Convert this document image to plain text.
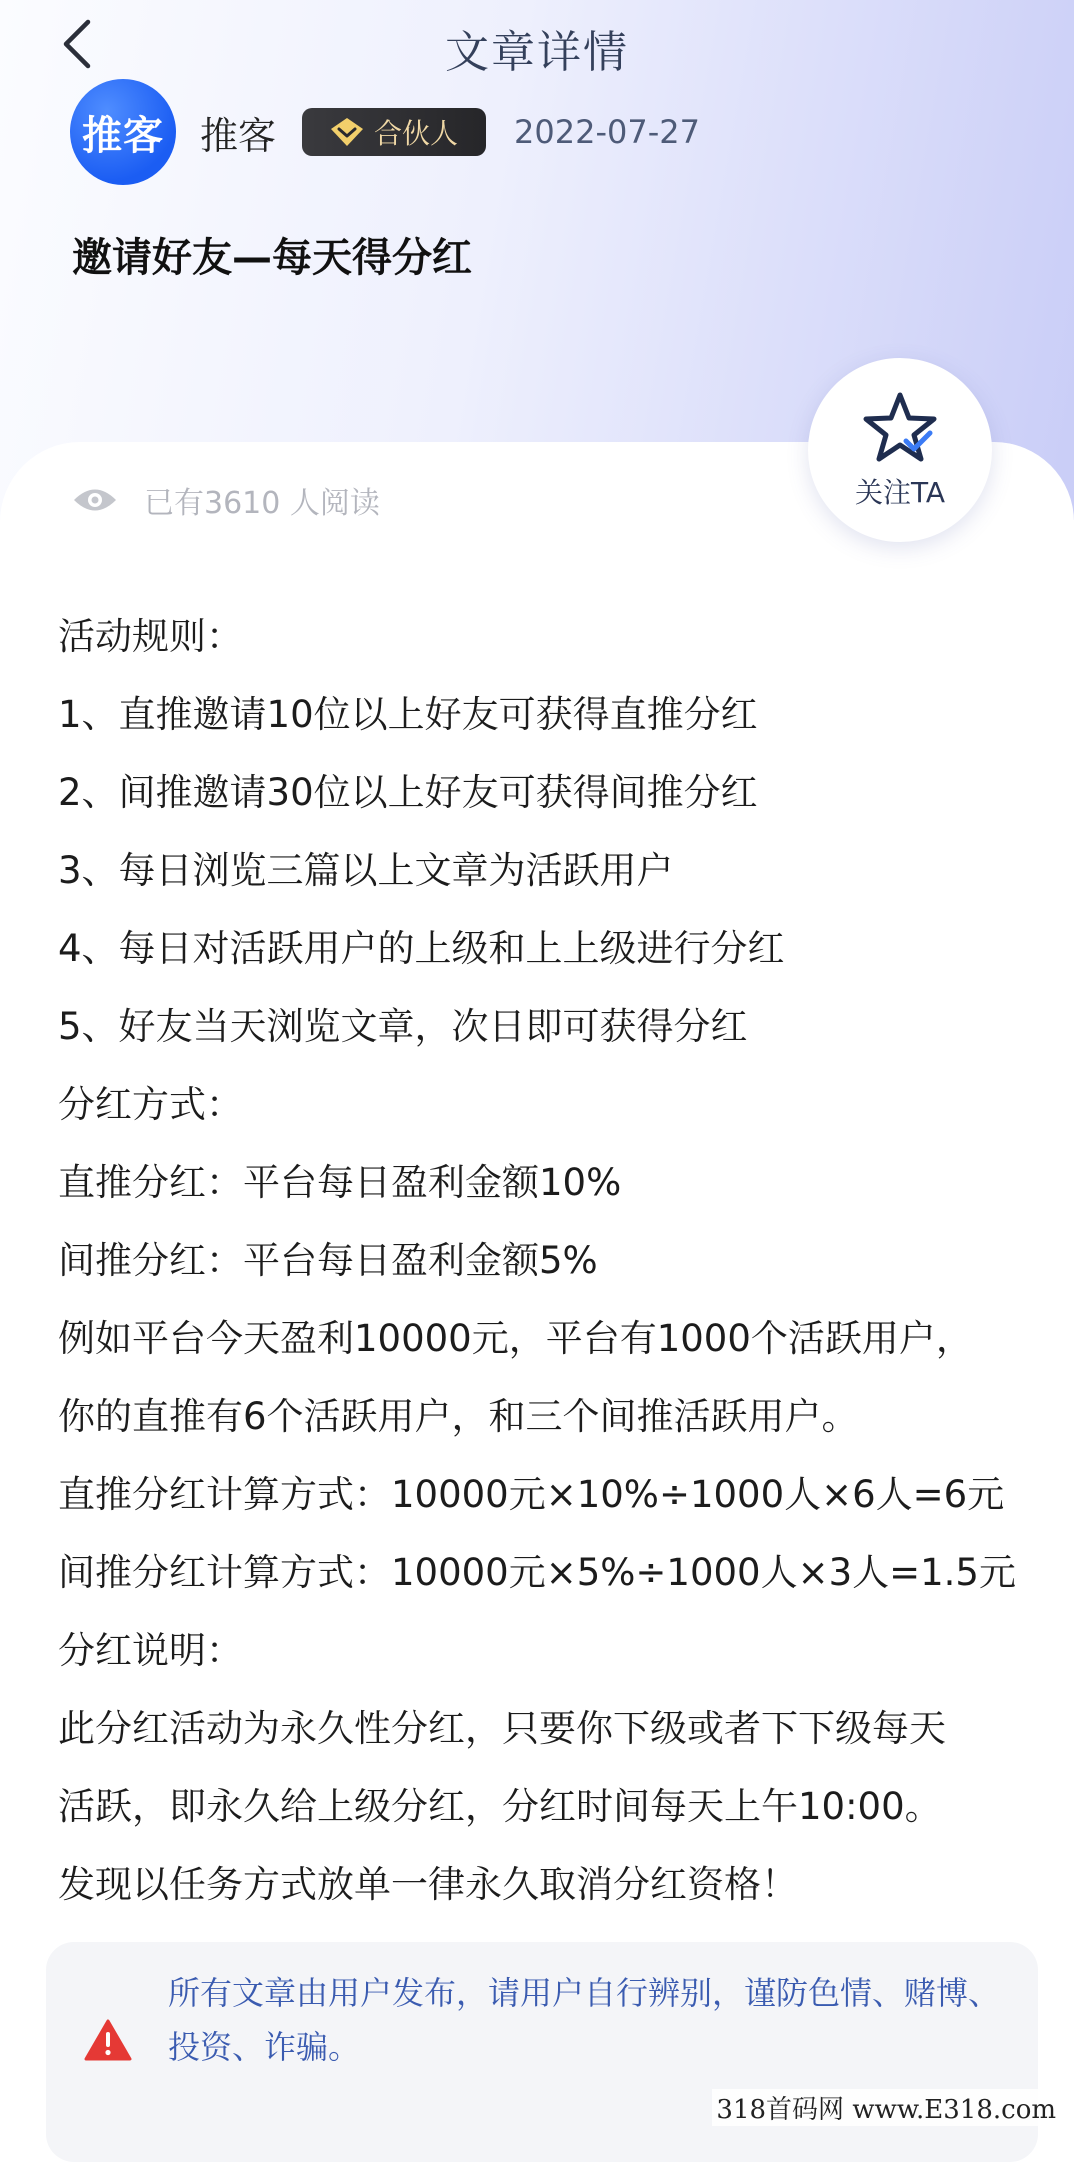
文章详情
推客 推客	合伙人 2022-07-27
邀请好友—每天得分红
关注TA
已有3610 人阅读
活动规则：
1、直推邀请10位以上好友可获得直推分红
2、间推邀请30位以上好友可获得间推分红
3、每日浏览三篇以上文章为活跃用户
4、每日对活跃用户的上级和上上级进行分红
5、好友当天浏览文章，次日即可获得分红
分红方式：
直推分红：平台每日盈利金额10%
间推分红：平台每日盈利金额5%
例如平台今天盈利10000元，平台有1000个活跃用户，
你的直推有6个活跃用户，和三个间推活跃用户。
直推分红计算方式：10000元×10%÷1000人×6人=6元
间推分红计算方式：10000元×5%÷1000人×3人=1.5元
分红说明：
此分红活动为永久性分红，只要你下级或者下下级每天
活跃，即永久给上级分红，分红时间每天上午10:00。
发现以任务方式放单一律永久取消分红资格！
所有文章由用户发布，请用户自行辨别，谨防色情、赌博、投资、诈骗。
318首码网 www.E318.com
